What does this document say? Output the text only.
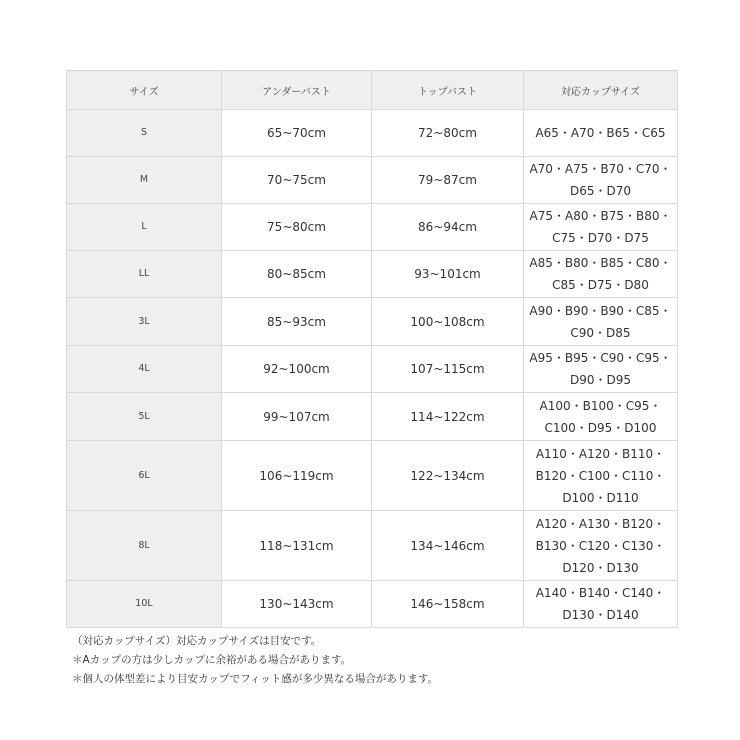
サイズ	アンダーバスト	トップバスト	対応カップサイズ
S	65~70cm	72~80cm	A65・A70・B65・C65

M	70~75cm	79~87cm	A70・A75・B70・C70・
D65・D70

L	75~80cm	86~94cm	A75・A80・B75・B80・
C75・D70・D75

LL	80~85cm	93~101cm	A85・B80・B85・C80・
C85・D75・D80

3L	85~93cm	100~108cm	A90・B90・B90・C85・
C90・D85

4L	92~100cm	107~115cm	A95・B95・C90・C95・
D90・D95

5L	99~107cm	114~122cm	A100・B100・C95・
C100・D95・D100

6L	106~119cm	122~134cm	A110・A120・B110・
B120・C100・C110・
D100・D110

8L	118~131cm	134~146cm	A120・A130・B120・
B130・C120・C130・
D120・D130

10L	130~143cm	146~158cm	A140・B140・C140・
D130・D140
（対応カップサイズ）対応カップサイズは目安です。
＊Aカップの方は少しカップに余裕がある場合があります。
＊個人の体型差により目安カップでフィット感が多少異なる場合があります。
